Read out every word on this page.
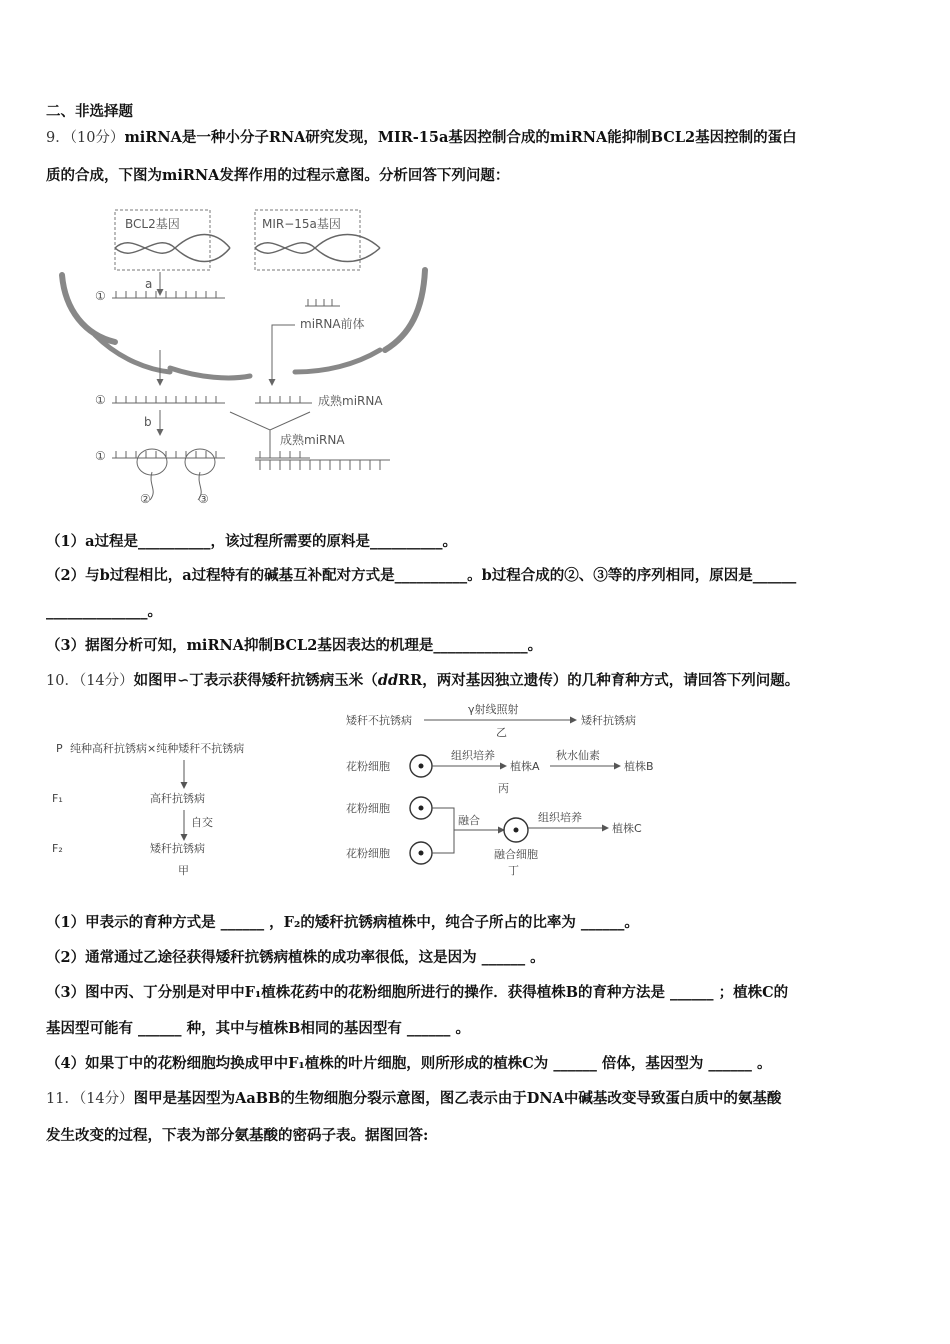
二、非选择题
9．（10分）miRNA是一种小分子RNA研究发现，MIR-15a基因控制合成的miRNA能抑制BCL2基因控制的蛋白
质的合成，下图为miRNA发挥作用的过程示意图。分析回答下列问题：
BCL2基因	MIR−15a基因
a
①
miRNA前体
①	成熟miRNA
b
成熟miRNA
①
②	③
（1）a过程是__________，该过程所需要的原料是__________。
（2）与b过程相比，a过程特有的碱基互补配对方式是__________。b过程合成的②、③等的序列相同，原因是______
______________。
（3）据图分析可知，miRNA抑制BCL2基因表达的机理是_____________。
10．（14分）如图甲∽丁表示获得矮秆抗锈病玉米（ddRR，两对基因独立遗传）的几种育种方式，请回答下列问题。
P 纯种高秆抗锈病×纯种矮秆不抗锈病
F₁	高秆抗锈病
自交
F₂	矮秆抗锈病
甲
矮秆不抗锈病
γ射线照射
矮秆抗锈病
乙
花粉细胞
组织培养
植株A
秋水仙素
植株B
丙
花粉细胞
花粉细胞
融合	组织培养
植株C
融合细胞
丁
（1）甲表示的育种方式是 ______ ，F₂的矮秆抗锈病植株中，纯合子所占的比率为 ______。
（2）通常通过乙途径获得矮秆抗锈病植株的成功率很低，这是因为 ______ 。
（3）图中丙、丁分别是对甲中F₁植株花药中的花粉细胞所进行的操作．获得植株B的育种方法是 ______ ；植株C的
基因型可能有 ______ 种，其中与植株B相同的基因型有 ______ 。
（4）如果丁中的花粉细胞均换成甲中F₁植株的叶片细胞，则所形成的植株C为 ______ 倍体，基因型为 ______ 。
11．（14分）图甲是基因型为AaBB的生物细胞分裂示意图，图乙表示由于DNA中碱基改变导致蛋白质中的氨基酸
发生改变的过程，下表为部分氨基酸的密码子表。据图回答:
